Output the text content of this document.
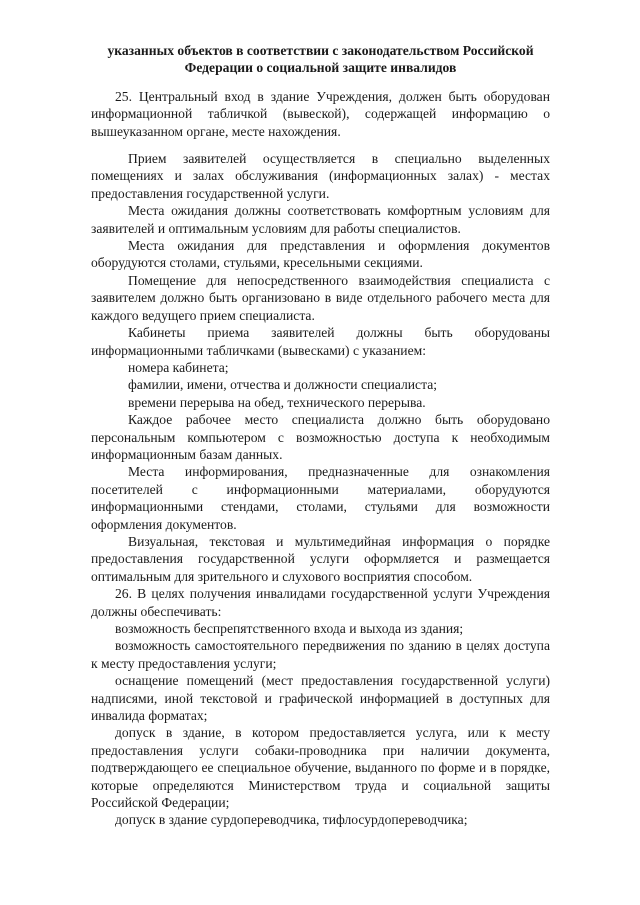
указанных объектов в соответствии с законодательством Российской
Федерации о социальной защите инвалидов

25. Центральный вход в здание Учреждения, должен быть оборудован информационной табличкой (вывеской), содержащей информацию о вышеуказанном органе, месте нахождения.

Прием заявителей осуществляется в специально выделенных помещениях и залах обслуживания (информационных залах) - местах предоставления государственной услуги.

Места ожидания должны соответствовать комфортным условиям для заявителей и оптимальным условиям для работы специалистов.

Места ожидания для представления и оформления документов оборудуются столами, стульями, кресельными секциями.

Помещение для непосредственного взаимодействия специалиста с заявителем должно быть организовано в виде отдельного рабочего места для каждого ведущего прием специалиста.

Кабинеты приема заявителей должны быть оборудованы информационными табличками (вывесками) с указанием:

номера кабинета;

фамилии, имени, отчества и должности специалиста;

времени перерыва на обед, технического перерыва.

Каждое рабочее место специалиста должно быть оборудовано персональным компьютером с возможностью доступа к необходимым информационным базам данных.

Места информирования, предназначенные для ознакомления посетителей с информационными материалами, оборудуются информационными стендами, столами, стульями для возможности оформления документов.

Визуальная, текстовая и мультимедийная информация о порядке предоставления государственной услуги оформляется и размещается оптимальным для зрительного и слухового восприятия способом.

26. В целях получения инвалидами государственной услуги Учреждения должны обеспечивать:

возможность беспрепятственного входа и выхода из здания;

возможность самостоятельного передвижения по зданию в целях доступа к месту предоставления услуги;

оснащение помещений (мест предоставления государственной услуги) надписями, иной текстовой и графической информацией в доступных для инвалида форматах;

допуск в здание, в котором предоставляется услуга, или к месту предоставления услуги собаки-проводника при наличии документа, подтверждающего ее специальное обучение, выданного по форме и в порядке, которые определяются Министерством труда и социальной защиты Российской Федерации;

допуск в здание сурдопереводчика, тифлосурдопереводчика;
